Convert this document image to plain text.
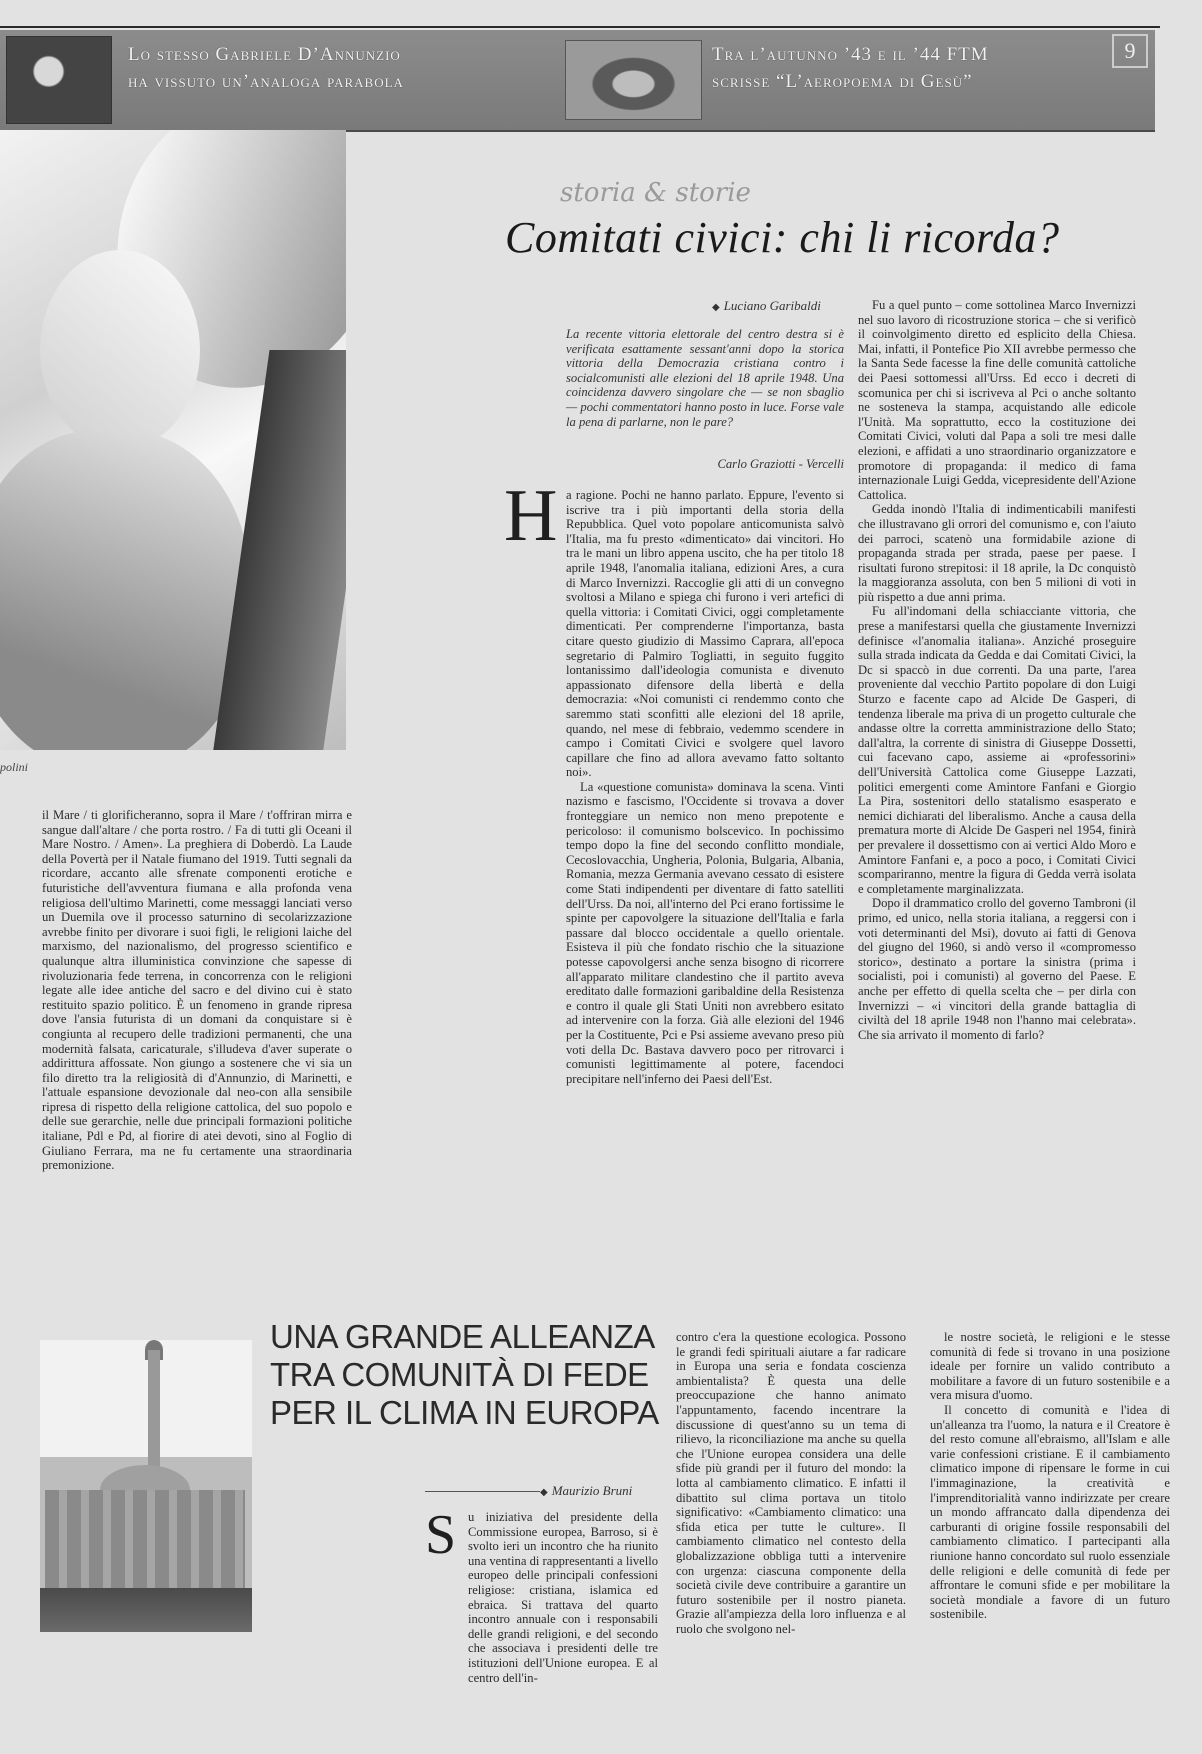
Lo stesso Gabriele D’Annunzio
ha vissuto un’analoga parabola
Tra l’autunno ’43 e il ’44 FTM
scrisse “L’aeropoema di Gesù”
9
polini
il Mare / ti glorificheranno, sopra il Mare / t'offriran mirra e sangue dall'altare / che porta rostro. / Fa di tutti gli Oceani il Mare Nostro. / Amen». La preghiera di Doberdò. La Laude della Povertà per il Natale fiumano del 1919. Tutti segnali da ricordare, accanto alle sfrenate componenti erotiche e futuristiche dell'avventura fiumana e alla profonda vena religiosa dell'ultimo Marinetti, come messaggi lanciati verso un Duemila ove il processo saturnino di secolarizzazione avrebbe finito per divorare i suoi figli, le religioni laiche del marxismo, del nazionalismo, del progresso scientifico e qualunque altra illuministica convinzione che sapesse di rivoluzionaria fede terrena, in concorrenza con le religioni legate alle idee antiche del sacro e del divino cui è stato restituito spazio politico. È un fenomeno in grande ripresa dove l'ansia futurista di un domani da conquistare si è congiunta al recupero delle tradizioni permanenti, che una modernità falsata, caricaturale, s'illudeva d'aver superate o addirittura affossate. Non giungo a sostenere che vi sia un filo diretto tra la religiosità di d'Annunzio, di Marinetti, e l'attuale espansione devozionale dal neo-con alla sensibile ripresa di rispetto della religione cattolica, del suo popolo e delle sue gerarchie, nelle due principali formazioni politiche italiane, Pdl e Pd, al fiorire di atei devoti, sino al Foglio di Giuliano Ferrara, ma ne fu certamente una straordinaria premonizione.
storia & storie
Comitati civici: chi li ricorda?
◆ Luciano Garibaldi
La recente vittoria elettorale del centro destra si è verificata esattamente sessant'anni dopo la storica vittoria della Democrazia cristiana contro i socialcomunisti alle elezioni del 18 aprile 1948. Una coincidenza davvero singolare che — se non sbaglio — pochi commentatori hanno posto in luce. Forse vale la pena di parlarne, non le pare?
Carlo Graziotti - Vercelli
H a ragione. Pochi ne hanno parlato. Eppure, l'evento si iscrive tra i più importanti della storia della Repubblica. Quel voto popolare anticomunista salvò l'Italia, ma fu presto «dimenticato» dai vincitori. Ho tra le mani un libro appena uscito, che ha per titolo 18 aprile 1948, l'anomalia italiana, edizioni Ares, a cura di Marco Invernizzi. Raccoglie gli atti di un convegno svoltosi a Milano e spiega chi furono i veri artefici di quella vittoria: i Comitati Civici, oggi completamente dimenticati. Per comprenderne l'importanza, basta citare questo giudizio di Massimo Caprara, all'epoca segretario di Palmiro Togliatti, in seguito fuggito lontanissimo dall'ideologia comunista e divenuto appassionato difensore della libertà e della democrazia: «Noi comunisti ci rendemmo conto che saremmo stati sconfitti alle elezioni del 18 aprile, quando, nel mese di febbraio, vedemmo scendere in campo i Comitati Civici e svolgere quel lavoro capillare che fino ad allora avevamo fatto soltanto noi».

La «questione comunista» dominava la scena. Vinti nazismo e fascismo, l'Occidente si trovava a dover fronteggiare un nemico non meno prepotente e pericoloso: il comunismo bolscevico. In pochissimo tempo dopo la fine del secondo conflitto mondiale, Cecoslovacchia, Ungheria, Polonia, Bulgaria, Albania, Romania, mezza Germania avevano cessato di esistere come Stati indipendenti per diventare di fatto satelliti dell'Urss. Da noi, all'interno del Pci erano fortissime le spinte per capovolgere la situazione dell'Italia e farla passare dal blocco occidentale a quello orientale. Esisteva il più che fondato rischio che la situazione potesse capovolgersi anche senza bisogno di ricorrere all'apparato militare clandestino che il partito aveva ereditato dalle formazioni garibaldine della Resistenza e contro il quale gli Stati Uniti non avrebbero esitato ad intervenire con la forza. Già alle elezioni del 1946 per la Costituente, Pci e Psi assieme avevano preso più voti della Dc. Bastava davvero poco per ritrovarci i comunisti legittimamente al potere, facendoci precipitare nell'inferno dei Paesi dell'Est.

Fu a quel punto – come sottolinea Marco Invernizzi nel suo lavoro di ricostruzione storica – che si verificò il coinvolgimento diretto ed esplicito della Chiesa. Mai, infatti, il Pontefice Pio XII avrebbe permesso che la Santa Sede facesse la fine delle comunità cattoliche dei Paesi sottomessi all'Urss. Ed ecco i decreti di scomunica per chi si iscriveva al Pci o anche soltanto ne sosteneva la stampa, acquistando alle edicole l'Unità. Ma soprattutto, ecco la costituzione dei Comitati Civici, voluti dal Papa a soli tre mesi dalle elezioni, e affidati a uno straordinario organizzatore e promotore di propaganda: il medico di fama internazionale Luigi Gedda, vicepresidente dell'Azione Cattolica.

Gedda inondò l'Italia di indimenticabili manifesti che illustravano gli orrori del comunismo e, con l'aiuto dei parroci, scatenò una formidabile azione di propaganda strada per strada, paese per paese. I risultati furono strepitosi: il 18 aprile, la Dc conquistò la maggioranza assoluta, con ben 5 milioni di voti in più rispetto a due anni prima.

Fu all'indomani della schiacciante vittoria, che prese a manifestarsi quella che giustamente Invernizzi definisce «l'anomalia italiana». Anziché proseguire sulla strada indicata da Gedda e dai Comitati Civici, la Dc si spaccò in due correnti. Da una parte, l'area proveniente dal vecchio Partito popolare di don Luigi Sturzo e facente capo ad Alcide De Gasperi, di tendenza liberale ma priva di un progetto culturale che andasse oltre la corretta amministrazione dello Stato; dall'altra, la corrente di sinistra di Giuseppe Dossetti, cui facevano capo, assieme ai «professorini» dell'Università Cattolica come Giuseppe Lazzati, politici emergenti come Amintore Fanfani e Giorgio La Pira, sostenitori dello statalismo esasperato e nemici dichiarati del liberalismo. Anche a causa della prematura morte di Alcide De Gasperi nel 1954, finirà per prevalere il dossettismo con ai vertici Aldo Moro e Amintore Fanfani e, a poco a poco, i Comitati Civici scompariranno, mentre la figura di Gedda verrà isolata e completamente marginalizzata.

Dopo il drammatico crollo del governo Tambroni (il primo, ed unico, nella storia italiana, a reggersi con i voti determinanti del Msi), dovuto ai fatti di Genova del giugno del 1960, si andò verso il «compromesso storico», destinato a portare la sinistra (prima i socialisti, poi i comunisti) al governo del Paese. E anche per effetto di quella scelta che – per dirla con Invernizzi – «i vincitori della grande battaglia di civiltà del 18 aprile 1948 non l'hanno mai celebrata». Che sia arrivato il momento di farlo?

UNA GRANDE ALLEANZA
TRA COMUNITÀ DI FEDE
PER IL CLIMA IN EUROPA
◆ Maurizio Bruni
S u iniziativa del presidente della Commissione europea, Barroso, si è svolto ieri un incontro che ha riunito una ventina di rappresentanti a livello europeo delle principali confessioni religiose: cristiana, islamica ed ebraica. Si trattava del quarto incontro annuale con i responsabili delle grandi religioni, e del secondo che associava i presidenti delle tre istituzioni dell'Unione europea. E al centro dell'in-
contro c'era la questione ecologica. Possono le grandi fedi spirituali aiutare a far radicare in Europa una seria e fondata coscienza ambientalista? È questa una delle preoccupazione che hanno animato l'appuntamento, facendo incentrare la discussione di quest'anno su un tema di rilievo, la riconciliazione ma anche su quella che l'Unione europea considera una delle sfide più grandi per il futuro del mondo: la lotta al cambiamento climatico. E infatti il dibattito sul clima portava un titolo significativo: «Cambiamento climatico: una sfida etica per tutte le culture». Il cambiamento climatico nel contesto della globalizzazione obbliga tutti a intervenire con urgenza: ciascuna componente della società civile deve contribuire a garantire un futuro sostenibile per il nostro pianeta. Grazie all'ampiezza della loro influenza e al ruolo che svolgono nel-

le nostre società, le religioni e le stesse comunità di fede si trovano in una posizione ideale per fornire un valido contributo a mobilitare a favore di un futuro sostenibile e a vera misura d'uomo.

Il concetto di comunità e l'idea di un'alleanza tra l'uomo, la natura e il Creatore è del resto comune all'ebraismo, all'Islam e alle varie confessioni cristiane. E il cambiamento climatico impone di ripensare le forme in cui l'immaginazione, la creatività e l'imprenditorialità vanno indirizzate per creare un mondo affrancato dalla dipendenza dei carburanti di origine fossile responsabili del cambiamento climatico. I partecipanti alla riunione hanno concordato sul ruolo essenziale delle religioni e delle comunità di fede per affrontare le comuni sfide e per mobilitare la società mondiale a favore di un futuro sostenibile.
